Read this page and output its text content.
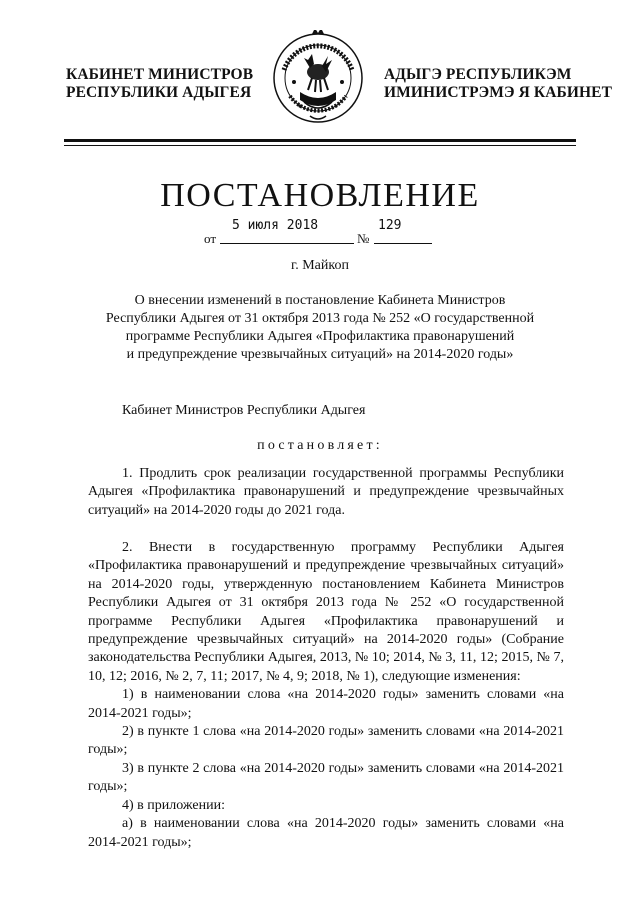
КАБИНЕТ МИНИСТРОВ
РЕСПУБЛИКИ АДЫГЕЯ
АДЫГЭ РЕСПУБЛИКЭМ
ИМИНИСТРЭМЭ Я КАБИНЕТ
ПОСТАНОВЛЕНИЕ
от
5 июля 2018
№
129
г. Майкоп
О внесении изменений в постановление Кабинета Министров
Республики Адыгея от 31 октября 2013 года № 252 «О государственной
программе Республики Адыгея «Профилактика правонарушений
и предупреждение чрезвычайных ситуаций» на 2014-2020 годы»
Кабинет Министров Республики Адыгея
постановляет:

1. Продлить срок реализации государственной программы Республики Адыгея «Профилактика правонарушений и предупреждение чрезвычайных ситуаций» на 2014-2020 годы до 2021 года.

2. Внести в государственную программу Республики Адыгея «Профилактика правонарушений и предупреждение чрезвычайных ситуаций» на 2014-2020 годы, утвержденную постановлением Кабинета Министров Республики Адыгея от 31 октября 2013 года № 252 «О государственной программе Республики Адыгея «Профилактика правонарушений и предупреждение чрезвычайных ситуаций» на 2014-2020 годы» (Собрание законодательства Республики Адыгея, 2013, № 10; 2014, № 3, 11, 12; 2015, № 7, 10, 12; 2016, № 2, 7, 11; 2017, № 4, 9; 2018, № 1), следующие изменения:

1) в наименовании слова «на 2014-2020 годы» заменить словами «на 2014-2021 годы»;

2) в пункте 1 слова «на 2014-2020 годы» заменить словами «на 2014-2021 годы»;

3) в пункте 2 слова «на 2014-2020 годы» заменить словами «на 2014-2021 годы»;

4) в приложении:

а) в наименовании слова «на 2014-2020 годы» заменить словами «на 2014-2021 годы»;
